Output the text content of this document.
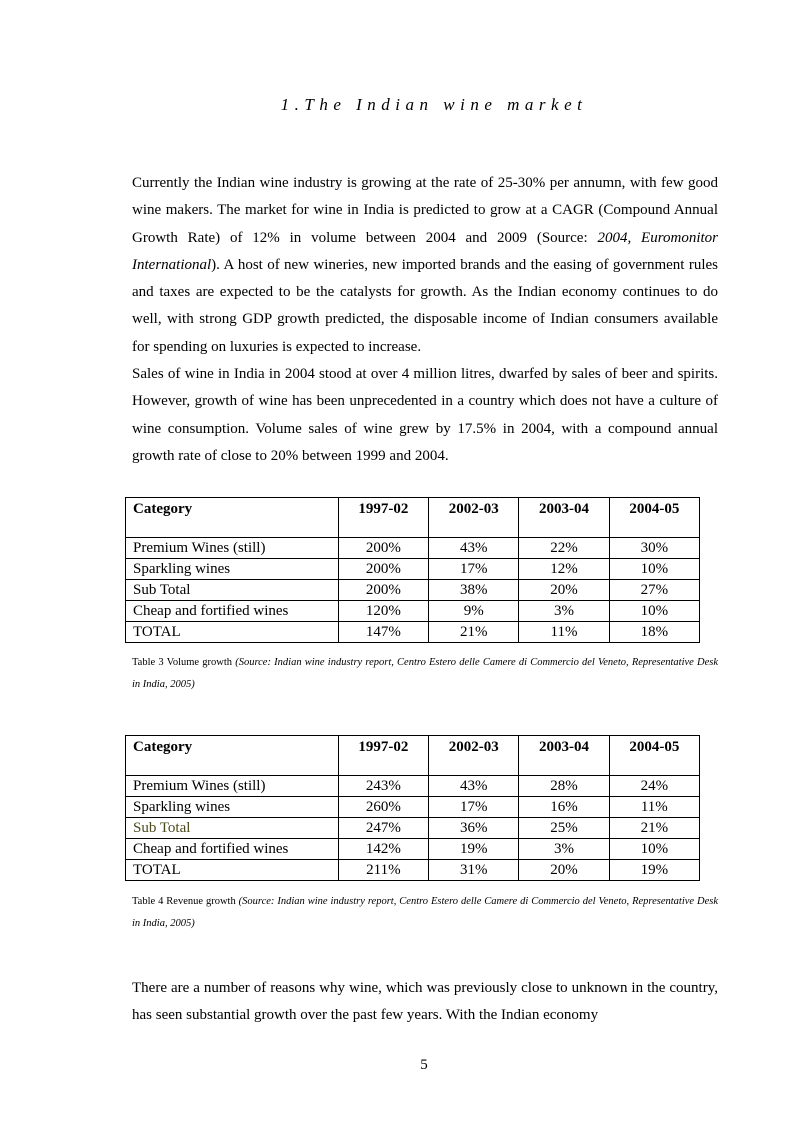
1.The Indian wine market

Currently the Indian wine industry is growing at the rate of 25-30% per annumn, with few good wine makers. The market for wine in India is predicted to grow at a CAGR (Compound Annual Growth Rate) of 12% in volume between 2004 and 2009 (Source: 2004, Euromonitor International). A host of new wineries, new imported brands and the easing of government rules and taxes are expected to be the catalysts for growth. As the Indian economy continues to do well, with strong GDP growth predicted, the disposable income of Indian consumers available for spending on luxuries is expected to increase.

Sales of wine in India in 2004 stood at over 4 million litres, dwarfed by sales of beer and spirits. However, growth of wine has been unprecedented in a country which does not have a culture of wine consumption. Volume sales of wine grew by 17.5% in 2004, with a compound annual growth rate of close to 20% between 1999 and 2004.

Category	1997-02	2002-03	2003-04	2004-05
Premium Wines (still)	200%	43%	22%	30%
Sparkling wines	200%	17%	12%	10%
Sub Total	200%	38%	20%	27%
Cheap and fortified wines	120%	9%	3%	10%
TOTAL	147%	21%	11%	18%

Table 3 Volume growth (Source: Indian wine industry report, Centro Estero delle Camere di Commercio del Veneto, Representative Desk in India, 2005)

Category	1997-02	2002-03	2003-04	2004-05
Premium Wines (still)	243%	43%	28%	24%
Sparkling wines	260%	17%	16%	11%
Sub Total	247%	36%	25%	21%
Cheap and fortified wines	142%	19%	3%	10%
TOTAL	211%	31%	20%	19%

Table 4 Revenue growth (Source: Indian wine industry report, Centro Estero delle Camere di Commercio del Veneto, Representative Desk in India, 2005)

There are a number of reasons why wine, which was previously close to unknown in the country, has seen substantial growth over the past few years. With the Indian economy

5
